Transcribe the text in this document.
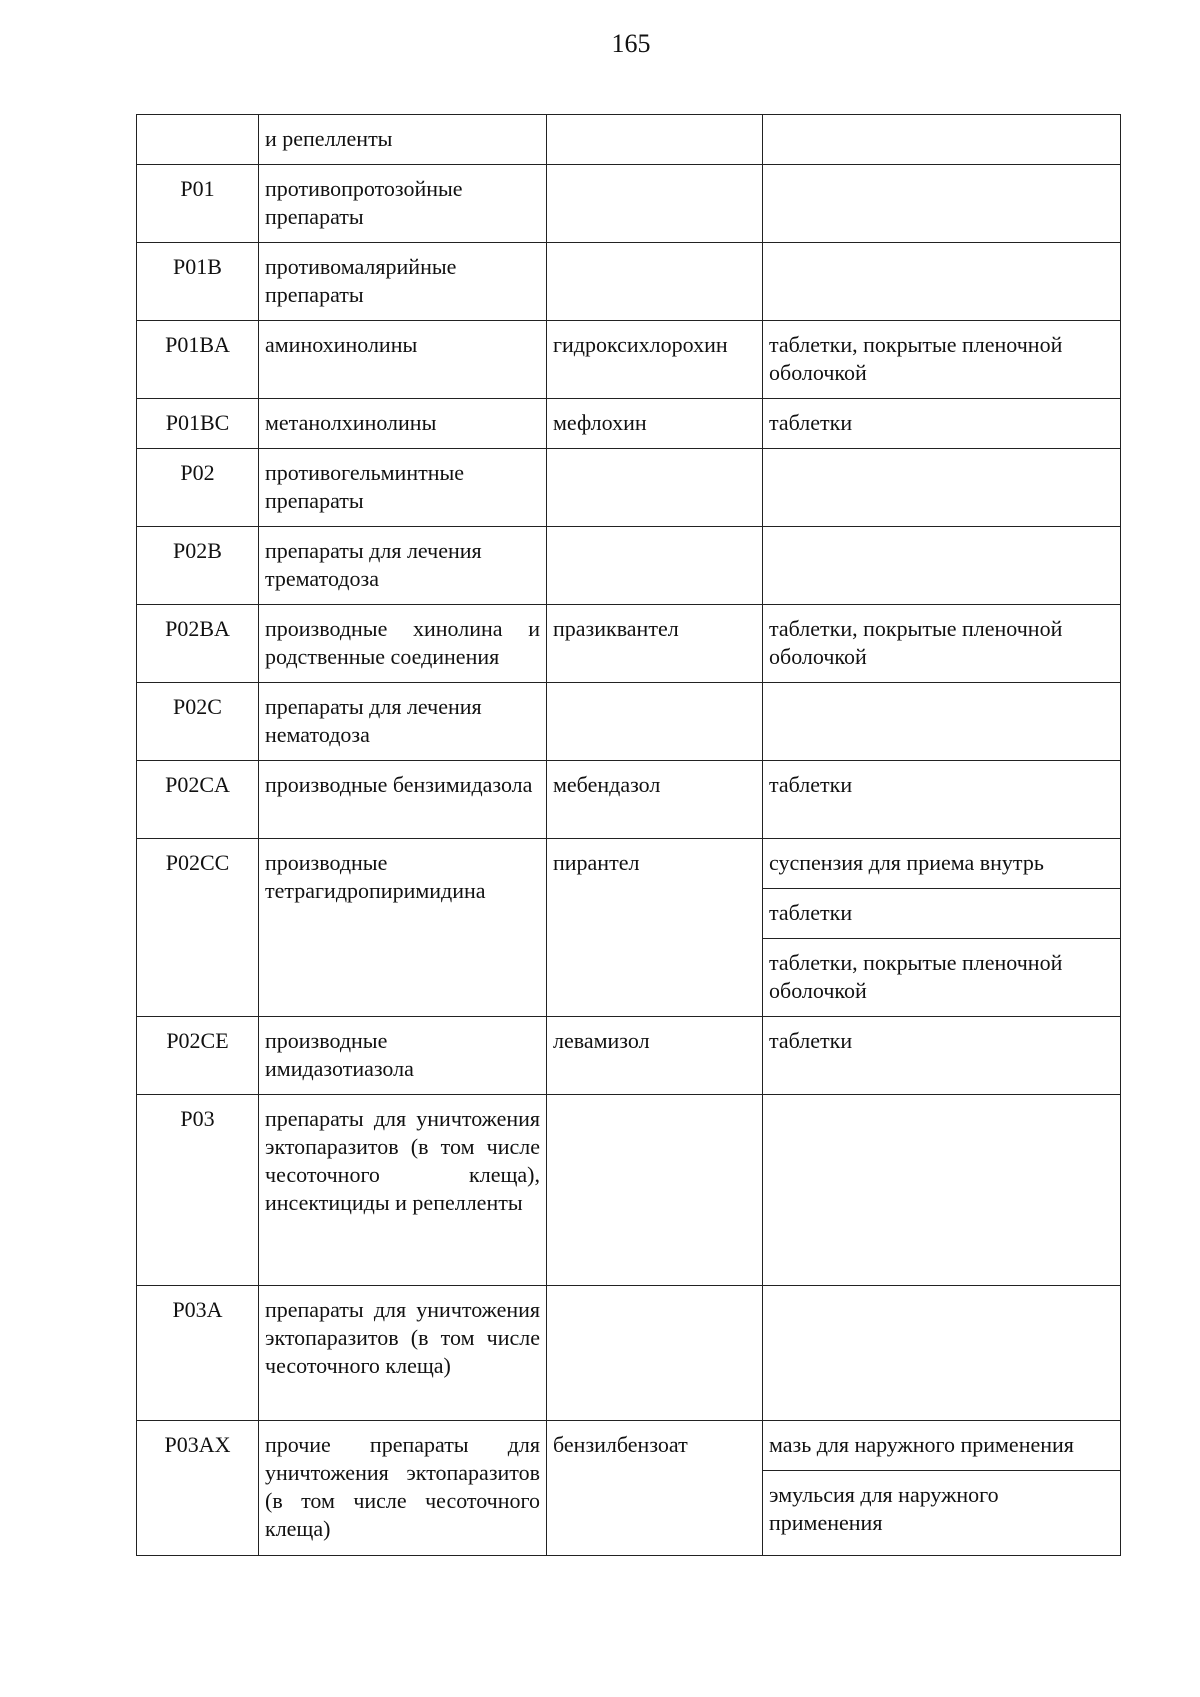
165
	и репелленты		
P01	противопротозойные препараты		
P01B	противомалярийные препараты		
P01BA	аминохинолины	гидроксихлорохин	таблетки, покрытые пленочной оболочкой
P01BC	метанолхинолины	мефлохин	таблетки
P02	противогельминтные препараты		
P02B	препараты для лечения трематодоза		
P02BA	производные хинолина и родственные соединения	празиквантел	таблетки, покрытые пленочной оболочкой
P02C	препараты для лечения нематодоза		
P02CA	производные бензимидазола	мебендазол	таблетки
P02CC	производные тетрагидропиримидина	пирантел	суспензия для приема внутрь
			таблетки
			таблетки, покрытые пленочной оболочкой
P02CE	производные имидазотиазола	левамизол	таблетки
P03	препараты для уничтожения эктопаразитов (в том числе чесоточного клеща), инсектициды и репелленты		
P03A	препараты для уничтожения эктопаразитов (в том числе чесоточного клеща)		
P03AX	прочие препараты для уничтожения эктопаразитов (в том числе чесоточного клеща)	бензилбензоат	мазь для наружного применения
			эмульсия для наружного применения
